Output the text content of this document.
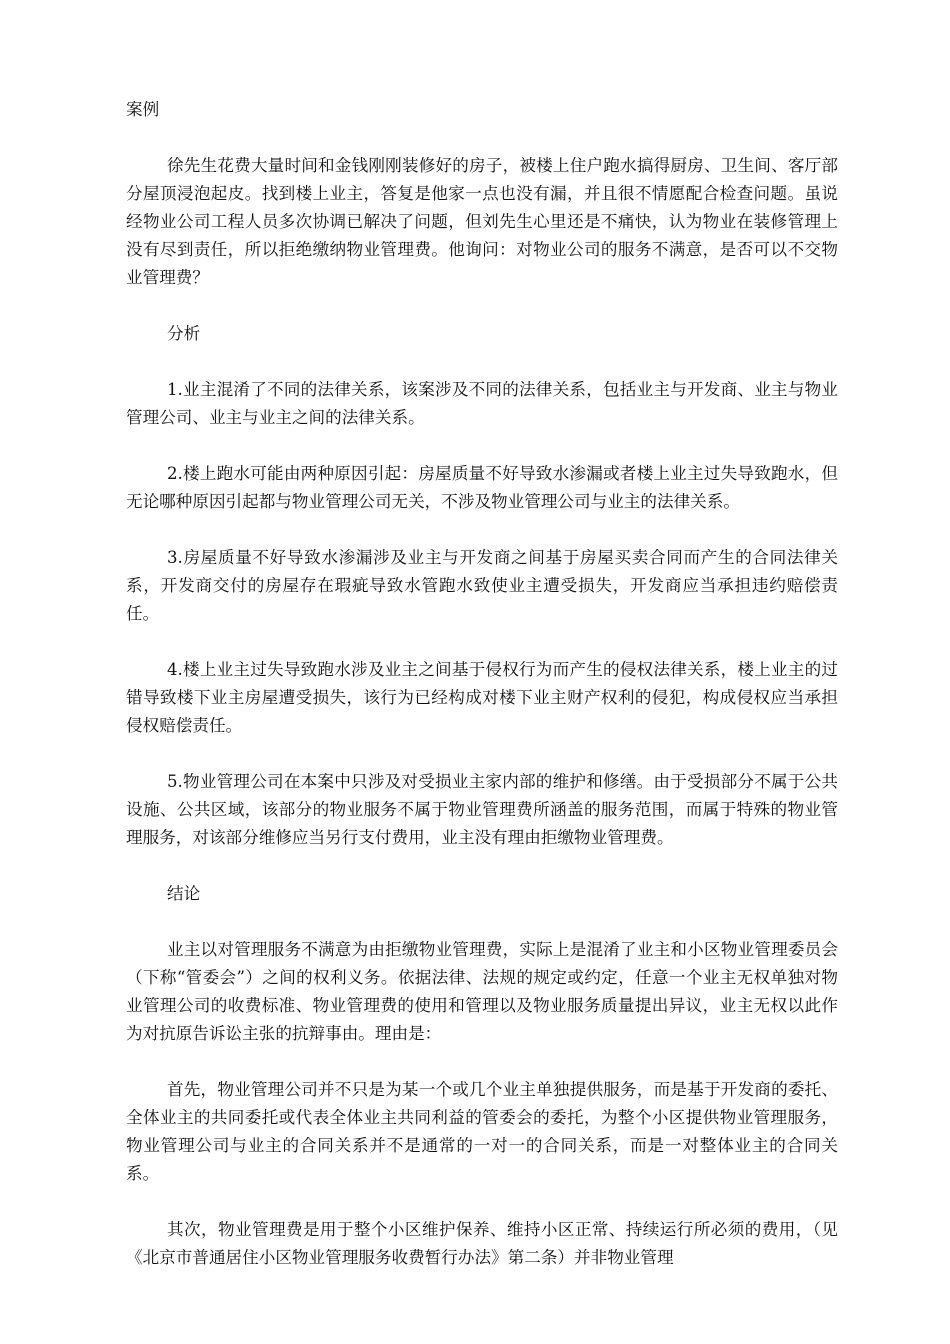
案例

徐先生花费大量时间和金钱刚刚装修好的房子，被楼上住户跑水搞得厨房、卫生间、客厅部分屋顶浸泡起皮。找到楼上业主，答复是他家一点也没有漏，并且很不情愿配合检查问题。虽说经物业公司工程人员多次协调已解决了问题，但刘先生心里还是不痛快，认为物业在装修管理上没有尽到责任，所以拒绝缴纳物业管理费。他询问：对物业公司的服务不满意，是否可以不交物业管理费？

分析

1.业主混淆了不同的法律关系，该案涉及不同的法律关系，包括业主与开发商、业主与物业管理公司、业主与业主之间的法律关系。

2.楼上跑水可能由两种原因引起：房屋质量不好导致水渗漏或者楼上业主过失导致跑水，但无论哪种原因引起都与物业管理公司无关，不涉及物业管理公司与业主的法律关系。

3.房屋质量不好导致水渗漏涉及业主与开发商之间基于房屋买卖合同而产生的合同法律关系，开发商交付的房屋存在瑕疵导致水管跑水致使业主遭受损失，开发商应当承担违约赔偿责任。

4.楼上业主过失导致跑水涉及业主之间基于侵权行为而产生的侵权法律关系，楼上业主的过错导致楼下业主房屋遭受损失，该行为已经构成对楼下业主财产权利的侵犯，构成侵权应当承担侵权赔偿责任。

5.物业管理公司在本案中只涉及对受损业主家内部的维护和修缮。由于受损部分不属于公共设施、公共区域，该部分的物业服务不属于物业管理费所涵盖的服务范围，而属于特殊的物业管理服务，对该部分维修应当另行支付费用，业主没有理由拒缴物业管理费。

结论

业主以对管理服务不满意为由拒缴物业管理费，实际上是混淆了业主和小区物业管理委员会（下称“管委会”）之间的权利义务。依据法律、法规的规定或约定，任意一个业主无权单独对物业管理公司的收费标准、物业管理费的使用和管理以及物业服务质量提出异议，业主无权以此作为对抗原告诉讼主张的抗辩事由。理由是：

首先，物业管理公司并不只是为某一个或几个业主单独提供服务，而是基于开发商的委托、全体业主的共同委托或代表全体业主共同利益的管委会的委托，为整个小区提供物业管理服务，物业管理公司与业主的合同关系并不是通常的一对一的合同关系，而是一对整体业主的合同关系。

其次，物业管理费是用于整个小区维护保养、维持小区正常、持续运行所必须的费用，（见《北京市普通居住小区物业管理服务收费暂行办法》第二条）并非物业管理
